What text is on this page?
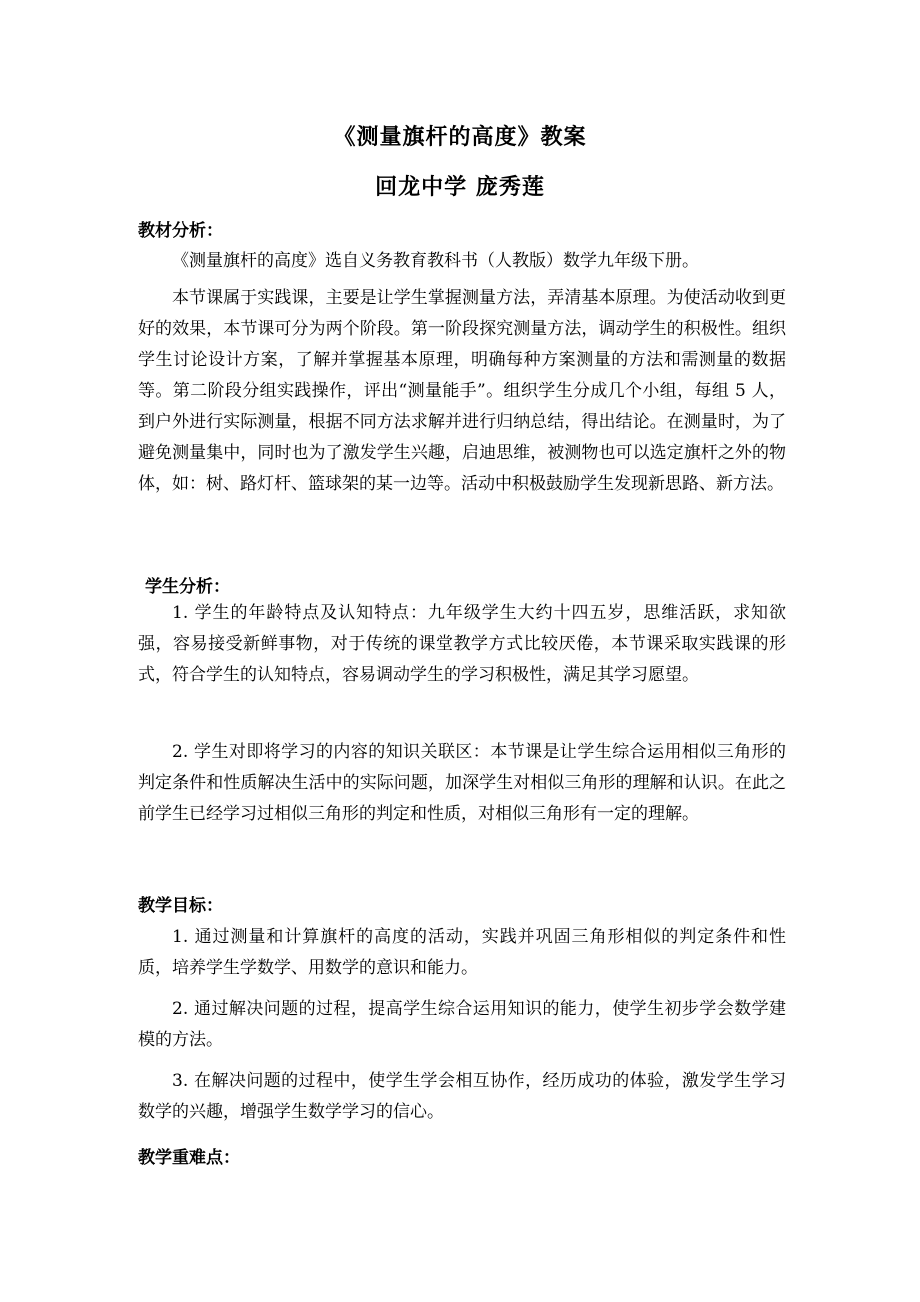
《测量旗杆的高度》教案
回龙中学 庞秀莲
教材分析：

《测量旗杆的高度》选自义务教育教科书（人教版）数学九年级下册。

本节课属于实践课，主要是让学生掌握测量方法，弄清基本原理。为使活动收到更好的效果，本节课可分为两个阶段。第一阶段探究测量方法，调动学生的积极性。组织学生讨论设计方案，了解并掌握基本原理，明确每种方案测量的方法和需测量的数据等。第二阶段分组实践操作，评出“测量能手”。组织学生分成几个小组，每组 5 人，到户外进行实际测量，根据不同方法求解并进行归纳总结，得出结论。在测量时，为了避免测量集中，同时也为了激发学生兴趣，启迪思维，被测物也可以选定旗杆之外的物体，如：树、路灯杆、篮球架的某一边等。活动中积极鼓励学生发现新思路、新方法。

学生分析：

1. 学生的年龄特点及认知特点：九年级学生大约十四五岁，思维活跃，求知欲强，容易接受新鲜事物，对于传统的课堂教学方式比较厌倦，本节课采取实践课的形式，符合学生的认知特点，容易调动学生的学习积极性，满足其学习愿望。

2. 学生对即将学习的内容的知识关联区：本节课是让学生综合运用相似三角形的判定条件和性质解决生活中的实际问题，加深学生对相似三角形的理解和认识。在此之前学生已经学习过相似三角形的判定和性质，对相似三角形有一定的理解。

教学目标：

1. 通过测量和计算旗杆的高度的活动，实践并巩固三角形相似的判定条件和性质，培养学生学数学、用数学的意识和能力。

2. 通过解决问题的过程，提高学生综合运用知识的能力，使学生初步学会数学建模的方法。

3. 在解决问题的过程中，使学生学会相互协作，经历成功的体验，激发学生学习数学的兴趣，增强学生数学学习的信心。

教学重难点：
